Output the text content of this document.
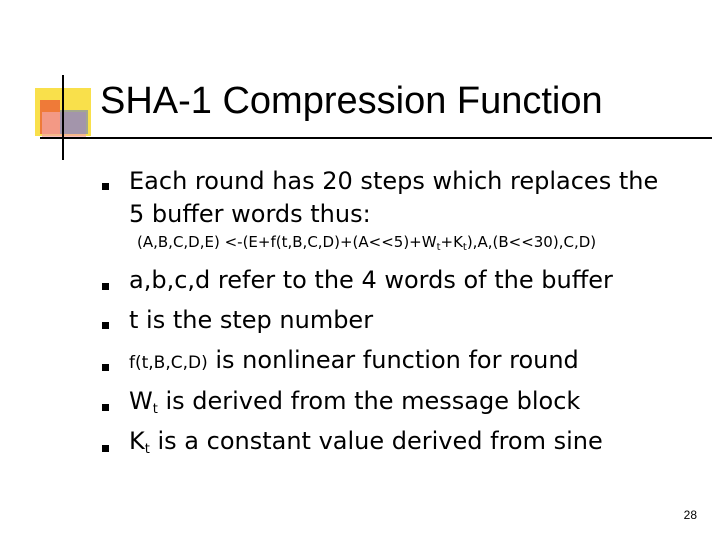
SHA-1 Compression Function
Each round has 20 steps which replaces the
5 buffer words thus:
$(A,B,C,D,E) <-(E+f(t,B,C,D)+(A<<5)+W_t+K_t),A,(B<<30),C,D$)
a,b,c,d refer to the 4 words of the buffer
t is the step number
f(t,B,C,D) is nonlinear function for round
$W_t$ is derived from the message block
$K_t$ is a constant value derived from sine
28
